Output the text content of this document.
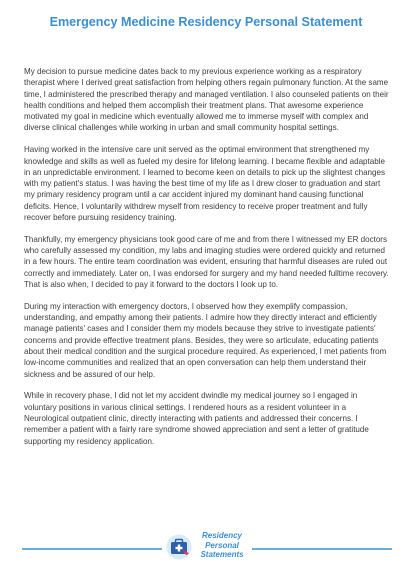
Emergency Medicine Residency Personal Statement

My decision to pursue medicine dates back to my previous experience working as a respiratory therapist where I derived great satisfaction from helping others regain pulmonary function. At the same time, I administered the prescribed therapy and managed ventilation. I also counseled patients on their health conditions and helped them accomplish their treatment plans. That awesome experience motivated my goal in medicine which eventually allowed me to immerse myself with complex and diverse clinical challenges while working in urban and small community hospital settings.

Having worked in the intensive care unit served as the optimal environment that strengthened my knowledge and skills as well as fueled my desire for lifelong learning. I became flexible and adaptable in an unpredictable environment. I learned to become keen on details to pick up the slightest changes with my patient's status. I was having the best time of my life as I drew closer to graduation and start my primary residency program until a car accident injured my dominant hand causing functional deficits. Hence, I voluntarily withdrew myself from residency to receive proper treatment and fully recover before pursuing residency training.

Thankfully, my emergency physicians took good care of me and from there I witnessed my ER doctors who carefully assessed my condition, my labs and imaging studies were ordered quickly and returned in a few hours. The entire team coordination was evident, ensuring that harmful diseases are ruled out correctly and immediately. Later on, I was endorsed for surgery and my hand needed fulltime recovery. That is also when, I decided to pay it forward to the doctors I look up to.

During my interaction with emergency doctors, I observed how they exemplify compassion, understanding, and empathy among their patients. I admire how they directly interact and efficiently manage patients' cases and I consider them my models because they strive to investigate patients' concerns and provide effective treatment plans. Besides, they were so articulate, educating patients about their medical condition and the surgical procedure required. As experienced, I met patients from low-income communities and realized that an open conversation can help them understand their sickness and be assured of our help.

While in recovery phase, I did not let my accident dwindle my medical journey so I engaged in voluntary positions in various clinical settings. I rendered hours as a resident volunteer in a Neurological outpatient clinic, directly interacting with patients and addressed their concerns. I remember a patient with a fairly rare syndrome showed appreciation and sent a letter of gratitude supporting my residency application.

Residency
Personal
Statements
